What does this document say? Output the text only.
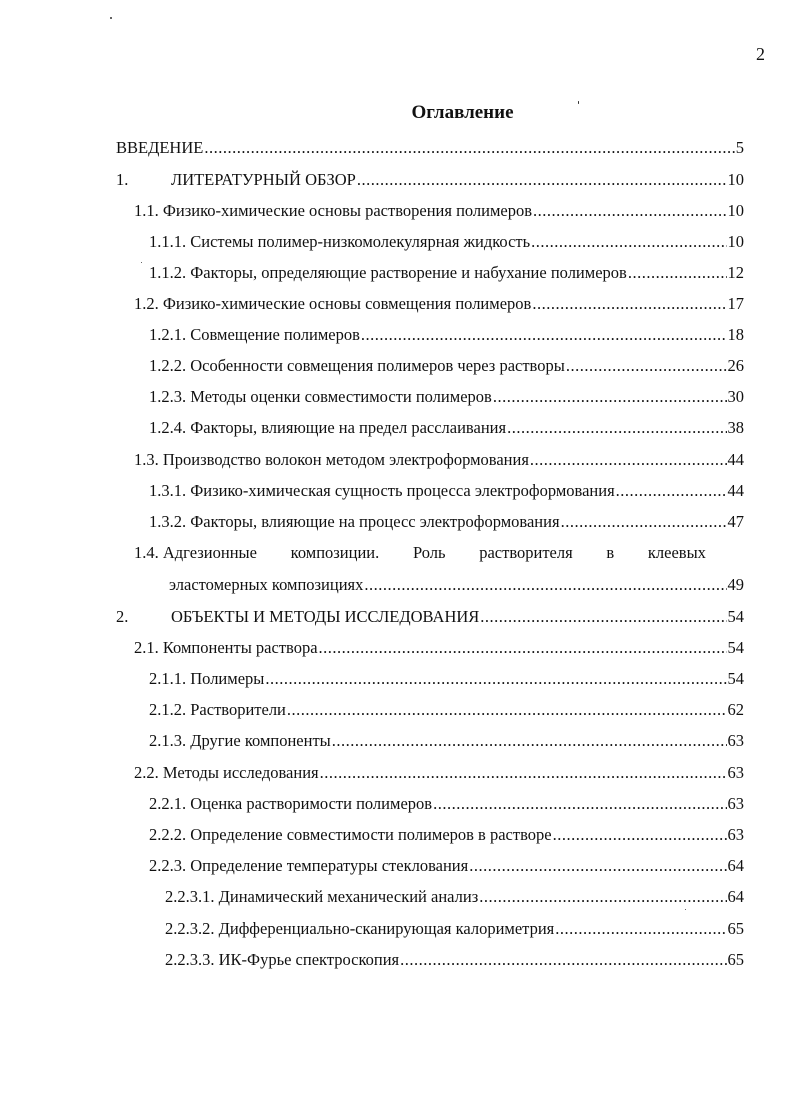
2
Оглавление
ВВЕДЕНИЕ .....	5
1.	ЛИТЕРАТУРНЫЙ ОБЗОР .....	10
1.1. Физико-химические основы растворения полимеров .....	10
1.1.1. Системы полимер-низкомолекулярная жидкость .....	10
1.1.2. Факторы, определяющие растворение и набухание полимеров .....	12
1.2. Физико-химические основы совмещения полимеров .....	17
1.2.1. Совмещение полимеров .....	18
1.2.2. Особенности совмещения полимеров через растворы .....	26
1.2.3. Методы оценки совместимости полимеров .....	30
1.2.4. Факторы, влияющие на предел расслаивания .....	38
1.3. Производство волокон методом электроформования .....	44
1.3.1. Физико-химическая сущность процесса электроформования .....	44
1.3.2. Факторы, влияющие на процесс электроформования .....	47
1.4. Адгезионные композиции. Роль растворителя в клеевых
эластомерных композициях .....	49
2.	ОБЪЕКТЫ И МЕТОДЫ ИССЛЕДОВАНИЯ .....	54
2.1. Компоненты раствора .....	54
2.1.1. Полимеры .....	54
2.1.2. Растворители .....	62
2.1.3. Другие компоненты .....	63
2.2. Методы исследования .....	63
2.2.1. Оценка растворимости полимеров .....	63
2.2.2. Определение совместимости полимеров в растворе .....	63
2.2.3. Определение температуры стеклования .....	64
2.2.3.1. Динамический механический анализ .....	64
2.2.3.2. Дифференциально-сканирующая калориметрия .....	65
2.2.3.3. ИК-Фурье спектроскопия .....	65
